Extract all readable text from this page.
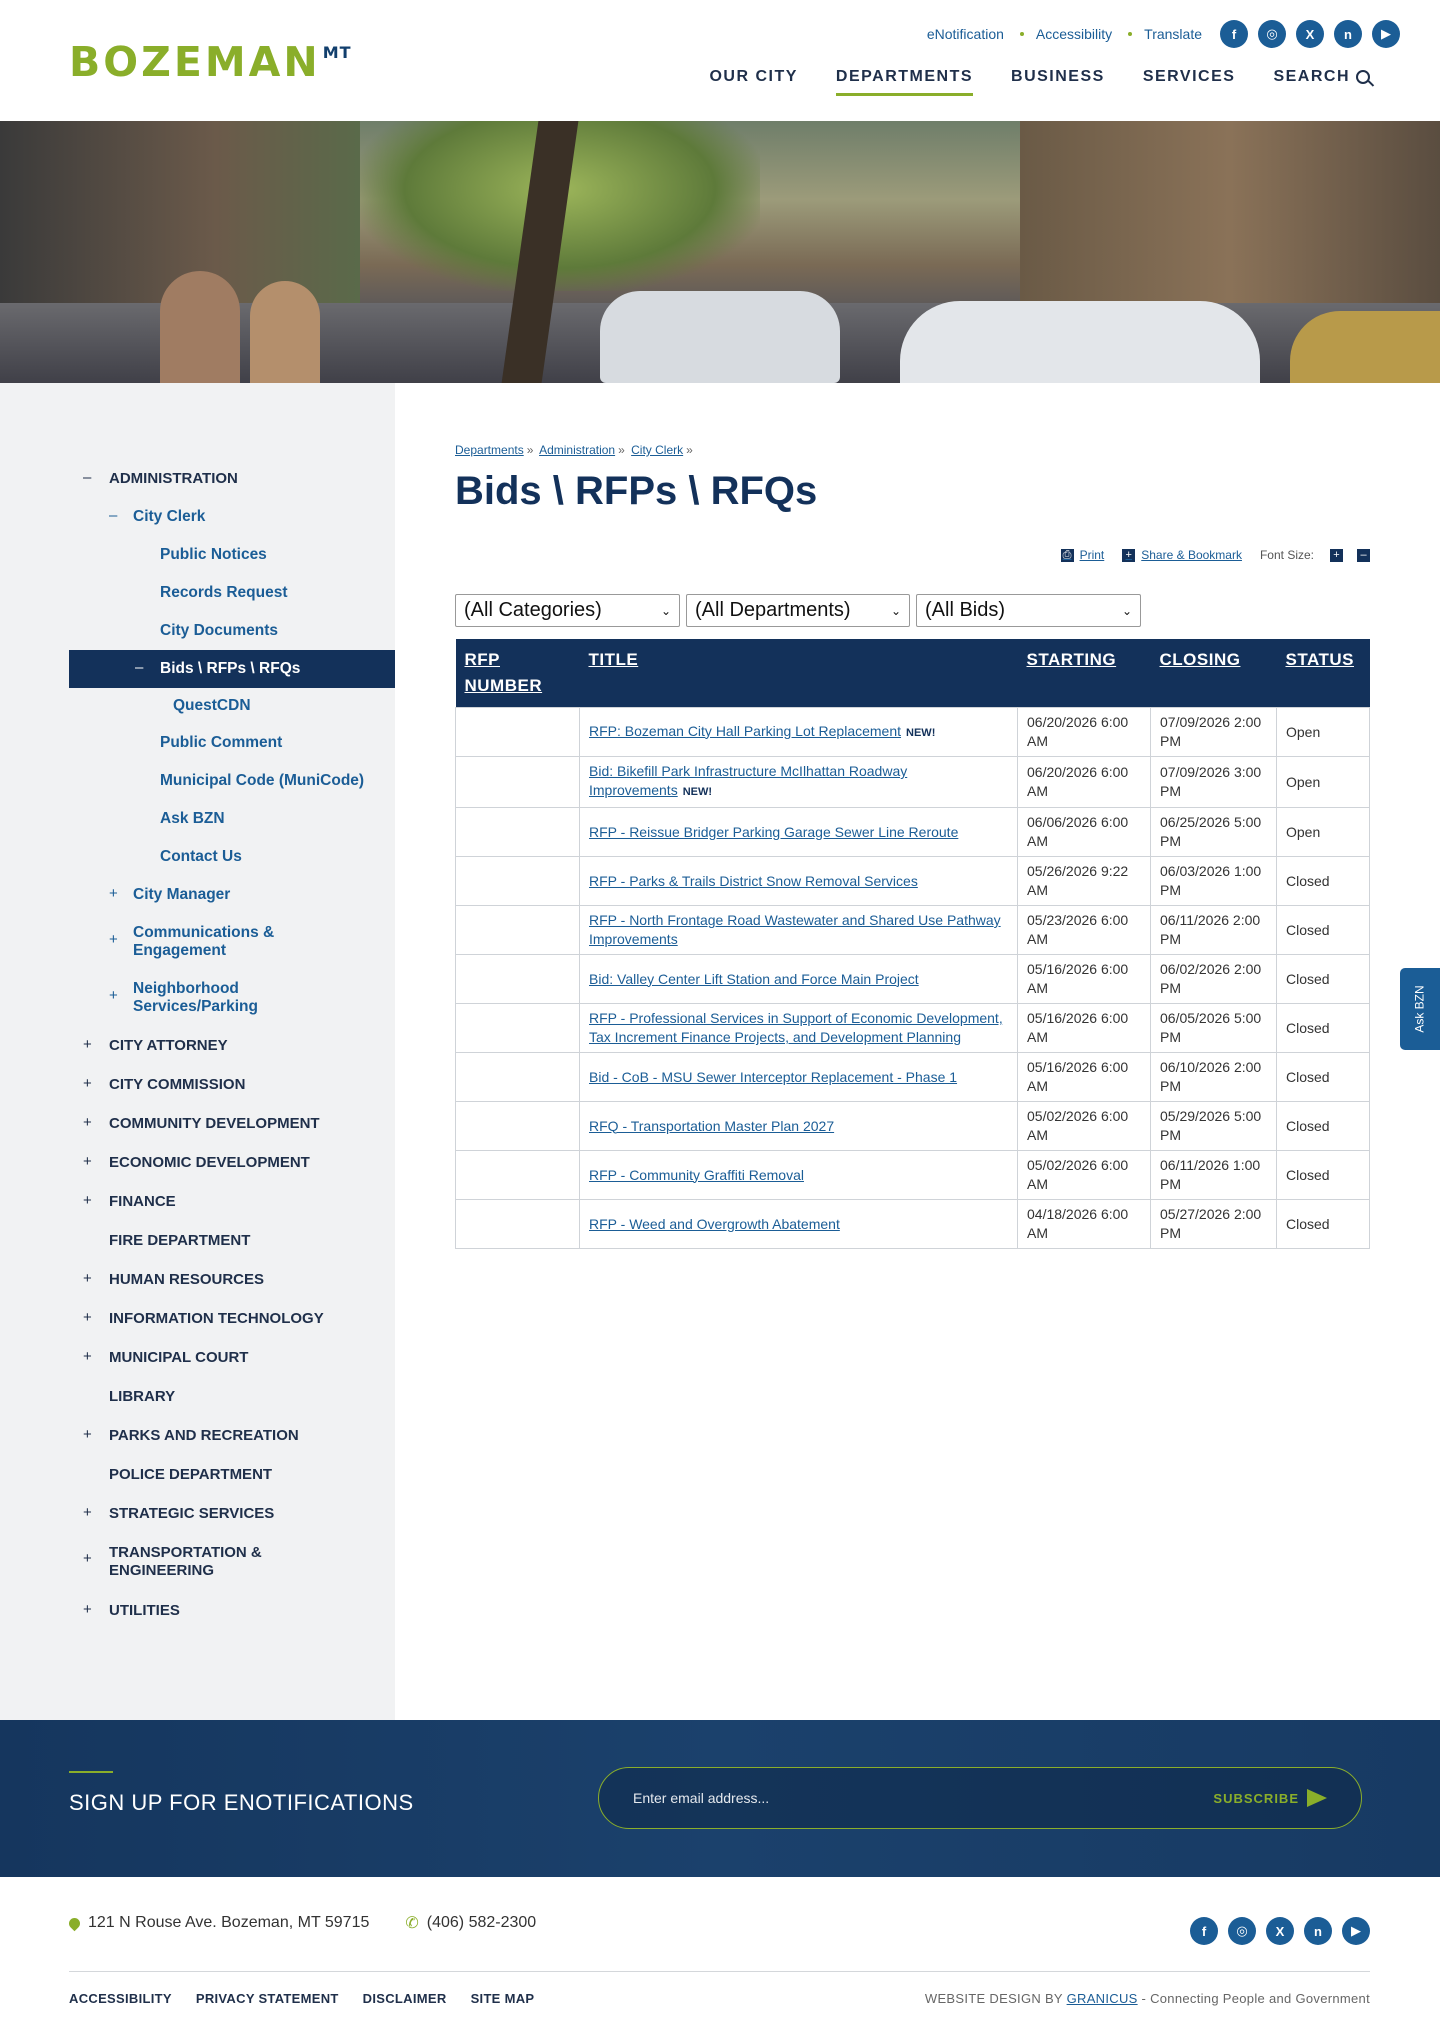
BOZEMAN $^{MT}$
eNotification Accessibility Translate	f	◎	X	n	▶
OUR CITY DEPARTMENTS BUSINESS SERVICES SEARCH
–	ADMINISTRATION
–	City Clerk
Public Notices
Records Request
City Documents
–	Bids \ RFPs \ RFQs
QuestCDN
Public Comment
Municipal Code (MuniCode)
Ask BZN
Contact Us
+ City Manager
+ Communications & Engagement
+ Neighborhood Services/Parking
+	CITY ATTORNEY
+	CITY COMMISSION
+	COMMUNITY DEVELOPMENT
+	ECONOMIC DEVELOPMENT
+	FINANCE
FIRE DEPARTMENT
+	HUMAN RESOURCES
+	INFORMATION TECHNOLOGY
+	MUNICIPAL COURT
LIBRARY
+	PARKS AND RECREATION
POLICE DEPARTMENT
+	STRATEGIC SERVICES
+	TRANSPORTATION & ENGINEERING
+	UTILITIES
Departments » Administration » City Clerk »
Bids \ RFPs \ RFQs
⎙ Print + Share & Bookmark Font Size: +	–
(All Categories)	⌄ (All Departments)	⌄ (All Bids)	⌄
RFP NUMBER	TITLE	STARTING	CLOSING	STATUS
	RFP: Bozeman City Hall Parking Lot Replacement NEW!	06/20/2026 6:00 AM	07/09/2026 2:00 PM	Open
	Bid: Bikefill Park Infrastructure McIlhattan Roadway Improvements NEW!	06/20/2026 6:00 AM	07/09/2026 3:00 PM	Open
	RFP - Reissue Bridger Parking Garage Sewer Line Reroute	06/06/2026 6:00 AM	06/25/2026 5:00 PM	Open
	RFP - Parks & Trails District Snow Removal Services	05/26/2026 9:22 AM	06/03/2026 1:00 PM	Closed
	RFP - North Frontage Road Wastewater and Shared Use Pathway Improvements	05/23/2026 6:00 AM	06/11/2026 2:00 PM	Closed
	Bid: Valley Center Lift Station and Force Main Project	05/16/2026 6:00 AM	06/02/2026 2:00 PM	Closed
	RFP - Professional Services in Support of Economic Development, Tax Increment Finance Projects, and Development Planning	05/16/2026 6:00 AM	06/05/2026 5:00 PM	Closed
	Bid - CoB - MSU Sewer Interceptor Replacement - Phase 1	05/16/2026 6:00 AM	06/10/2026 2:00 PM	Closed
	RFQ - Transportation Master Plan 2027	05/02/2026 6:00 AM	05/29/2026 5:00 PM	Closed
	RFP - Community Graffiti Removal	05/02/2026 6:00 AM	06/11/2026 1:00 PM	Closed
	RFP - Weed and Overgrowth Abatement	04/18/2026 6:00 AM	05/27/2026 2:00 PM	Closed
Ask BZN
SIGN UP FOR ENOTIFICATIONS	Enter email address...	SUBSCRIBE
121 N Rouse Ave. Bozeman, MT 59715 ✆ (406) 582-2300	f	◎	X	n	▶
ACCESSIBILITY PRIVACY STATEMENT DISCLAIMER SITE MAP	WEBSITE DESIGN BY GRANICUS - Connecting People and Government
